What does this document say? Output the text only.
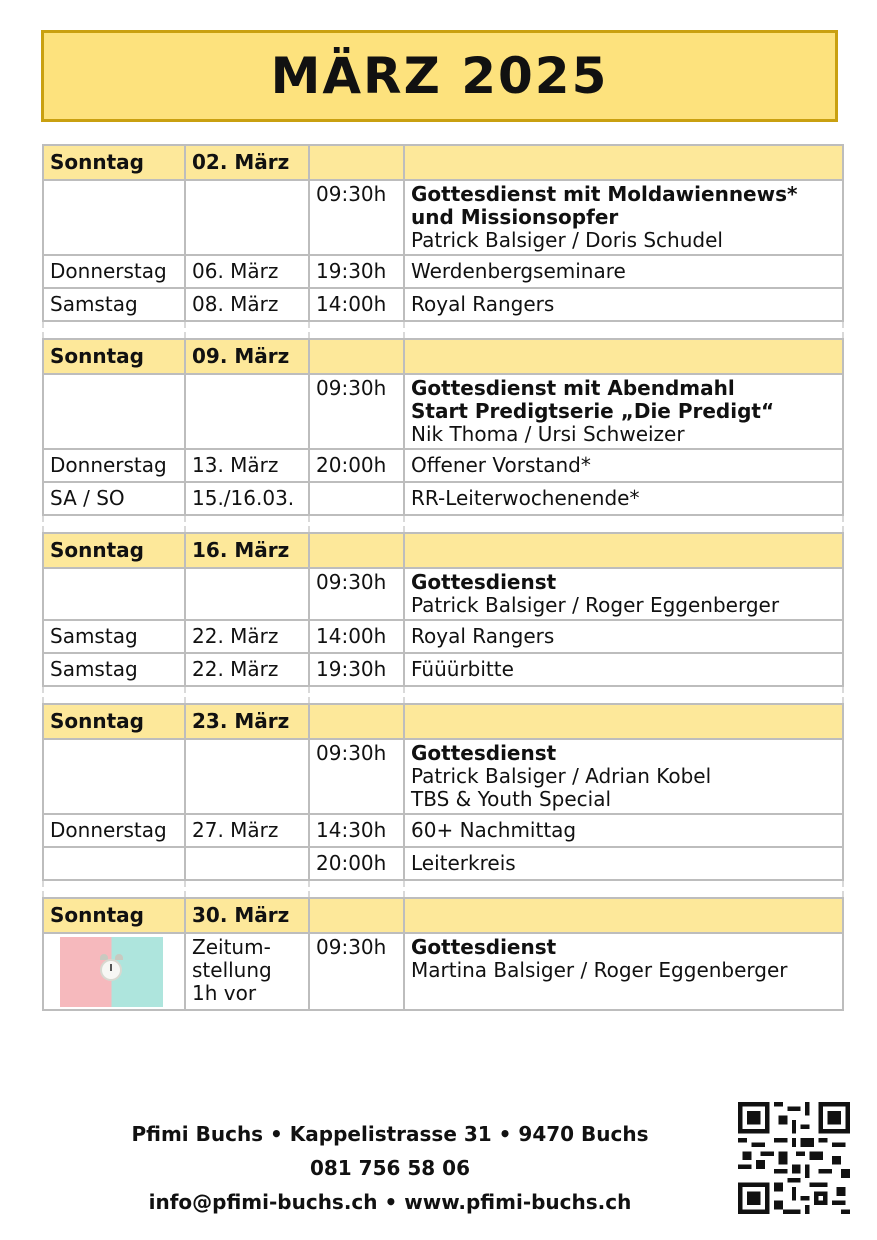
MÄRZ 2025
Sonntag	02. März		
		09:30h	Gottesdienst mit Moldawiennews*
und Missionsopfer
Patrick Balsiger / Doris Schudel

Donnerstag	06. März	19:30h	Werdenbergseminare

Samstag	08. März	14:00h	Royal Rangers

Sonntag	09. März		
		09:30h	Gottesdienst mit Abendmahl
Start Predigtserie „Die Predigt“
Nik Thoma / Ursi Schweizer

Donnerstag	13. März	20:00h	Offener Vorstand*

SA / SO	15./16.03.		RR-Leiterwochenende*

Sonntag	16. März		
		09:30h	Gottesdienst
Patrick Balsiger / Roger Eggenberger

Samstag	22. März	14:00h	Royal Rangers

Samstag	22. März	19:30h	Füüürbitte

Sonntag	23. März		
		09:30h	Gottesdienst
Patrick Balsiger / Adrian Kobel
TBS & Youth Special

Donnerstag	27. März	14:30h	60+ Nachmittag

		20:00h	Leiterkreis

Sonntag	30. März		

	Zeitum-
stellung
1h vor	09:30h	Gottesdienst
Martina Balsiger / Roger Eggenberger
Pfimi Buchs • Kappelistrasse 31 • 9470 Buchs
081 756 58 06
info@pfimi-buchs.ch • www.pfimi-buchs.ch
